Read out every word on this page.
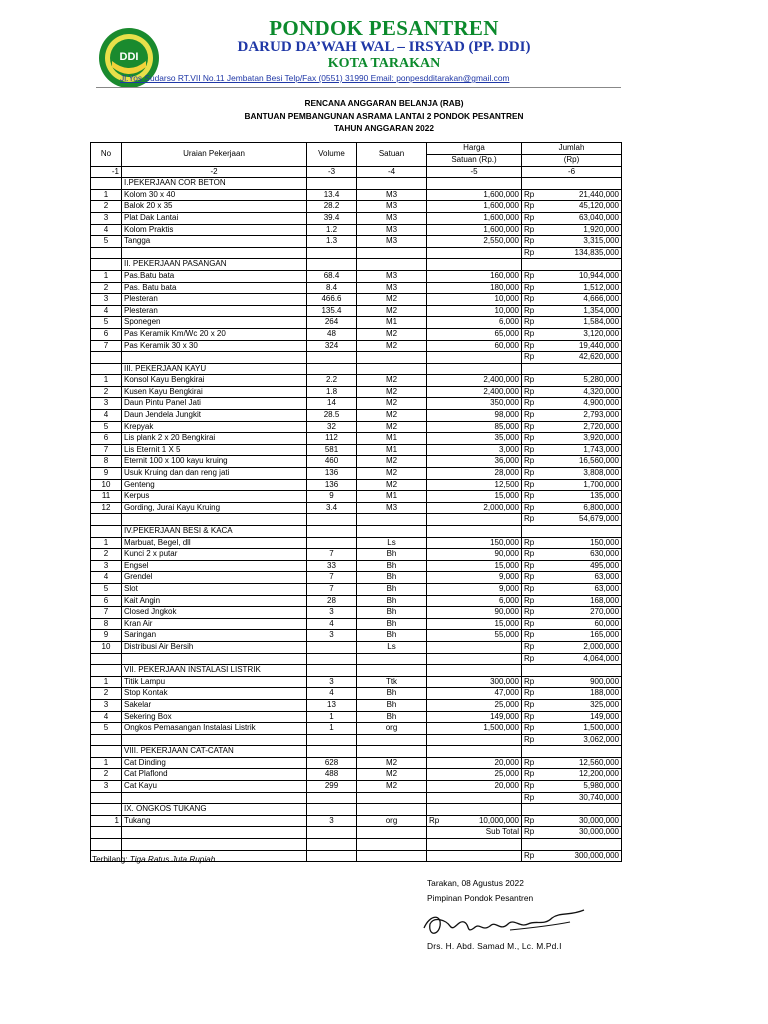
DDI
PONDOK PESANTREN
DARUD DA’WAH WAL – IRSYAD (PP. DDI)
KOTA TARAKAN
Jl.Yos Sudarso RT.VII No.11 Jembatan Besi Telp/Fax (0551) 31990 Email: ponpesdditarakan@gmail.com
RENCANA ANGGARAN BELANJA (RAB)
BANTUAN PEMBANGUNAN ASRAMA LANTAI 2 PONDOK PESANTREN
TAHUN ANGGARAN 2022
No	Uraian Pekerjaan	Volume	Satuan	Harga	Jumlah	
				Satuan (Rp.)	(Rp)	
-1	-2	-3	-4	-5	-6	
	I.PEKERJAAN COR BETON					
1	Kolom 30 x 40	13.4	M3	1,600,000	Rp	21,440,000
2	Balok 20 x 35	28.2	M3	1,600,000	Rp	45,120,000
3	Plat Dak Lantai	39.4	M3	1,600,000	Rp	63,040,000
4	Kolom Praktis	1.2	M3	1,600,000	Rp	1,920,000
5	Tangga	1.3	M3	2,550,000	Rp	3,315,000
					Rp	134,835,000
	II. PEKERJAAN PASANGAN					
1	Pas.Batu bata	68.4	M3	160,000	Rp	10,944,000
2	Pas. Batu bata	8.4	M3	180,000	Rp	1,512,000
3	Plesteran	466.6	M2	10,000	Rp	4,666,000
4	Plesteran	135.4	M2	10,000	Rp	1,354,000
5	Sponegen	264	M1	6,000	Rp	1,584,000
6	Pas Keramik Km/Wc 20 x 20	48	M2	65,000	Rp	3,120,000
7	Pas Keramik 30 x 30	324	M2	60,000	Rp	19,440,000
					Rp	42,620,000
	III. PEKERJAAN KAYU					
1	Konsol Kayu Bengkirai	2.2	M2	2,400,000	Rp	5,280,000
2	Kusen Kayu Bengkirai	1.8	M2	2,400,000	Rp	4,320,000
3	Daun Pintu Panel Jati	14	M2	350,000	Rp	4,900,000
4	Daun Jendela Jungkit	28.5	M2	98,000	Rp	2,793,000
5	Krepyak	32	M2	85,000	Rp	2,720,000
6	Lis plank 2 x 20 Bengkirai	112	M1	35,000	Rp	3,920,000
7	Lis Eternit 1 X 5	581	M1	3,000	Rp	1,743,000
8	Eternit 100 x 100 kayu kruing	460	M2	36,000	Rp	16,560,000
9	Usuk Kruing dan dan reng jati	136	M2	28,000	Rp	3,808,000
10	Genteng	136	M2	12,500	Rp	1,700,000
11	Kerpus	9	M1	15,000	Rp	135,000
12	Gording, Jurai Kayu Kruing	3.4	M3	2,000,000	Rp	6,800,000
					Rp	54,679,000
	IV.PEKERJAAN BESI & KACA					
1	Marbuat, Begel, dll		Ls	150,000	Rp	150,000
2	Kunci 2 x putar	7	Bh	90,000	Rp	630,000
3	Engsel	33	Bh	15,000	Rp	495,000
4	Grendel	7	Bh	9,000	Rp	63,000
5	Slot	7	Bh	9,000	Rp	63,000
6	Kait Angin	28	Bh	6,000	Rp	168,000
7	Closed Jngkok	3	Bh	90,000	Rp	270,000
8	Kran Air	4	Bh	15,000	Rp	60,000
9	Saringan	3	Bh	55,000	Rp	165,000
10	Distribusi Air Bersih		Ls		Rp	2,000,000
					Rp	4,064,000
	VII. PEKERJAAN INSTALASI LISTRIK					
1	Titik Lampu	3	Ttk	300,000	Rp	900,000
2	Stop Kontak	4	Bh	47,000	Rp	188,000
3	Sakelar	13	Bh	25,000	Rp	325,000
4	Sekering Box	1	Bh	149,000	Rp	149,000
5	Ongkos Pemasangan Instalasi Listrik	1	org	1,500,000	Rp	1,500,000
					Rp	3,062,000
	VIII. PEKERJAAN CAT-CATAN					
1	Cat Dinding	628	M2	20,000	Rp	12,560,000
2	Cat Plaflond	488	M2	25,000	Rp	12,200,000
3	Cat Kayu	299	M2	20,000	Rp	5,980,000
					Rp	30,740,000
	IX. ONGKOS TUKANG					
1	Tukang	3	org	Rp 10,000,000	Rp	30,000,000
				Sub Total	Rp	30,000,000

					Rp	300,000,000
Terbilang: Tiga Ratus Juta Rupiah
Tarakan, 08 Agustus 2022
Pimpinan Pondok Pesantren
Drs. H. Abd. Samad M., Lc. M.Pd.I
